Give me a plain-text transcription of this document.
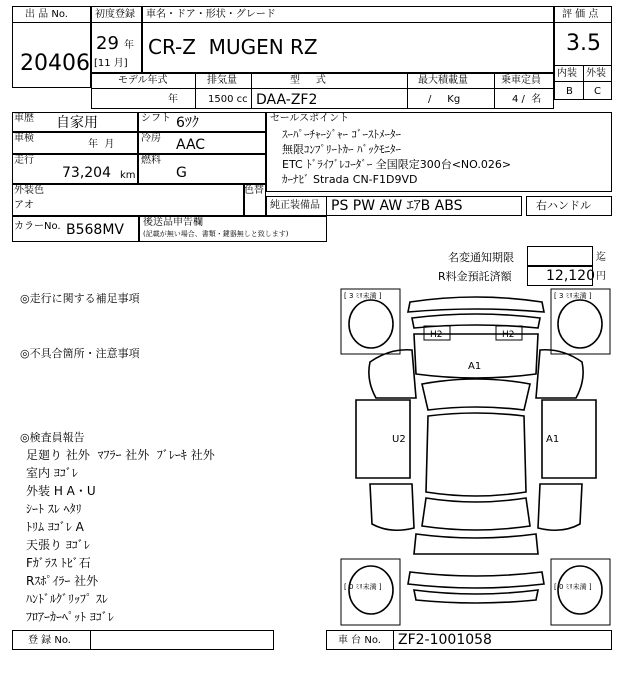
出 品 No.
20406
初度登録
29 年
[11 月]
車名・ドア・形状・グレード
CR-Z  MUGEN RZ
評 価 点
3.5
内装 外装
B C
モデル年式	排気量	型     式	最大積載量	乗車定員
年	1500 cc DAA-ZF2	/     Kg	4 /  名
車歴 自家用
車検
年  月
走行
73,204 km
シフト 6ﾂｸ
冷房 AAC
燃料
G
外装色
アオ
色替
カラーNo. B568MV 後送品申告欄
(記載が無い場合、書類・鍵器無しと致します)
セールスポイント
ｽｰﾊﾟｰﾁｬｰｼﾞｬｰ ｺﾞｰｽﾄﾒｰﾀｰ
無限ｺﾝﾌﾟﾘｰﾄｶｰ ﾊﾞｯｸﾓﾆﾀｰ
ETC ﾄﾞﾗｲﾌﾞﾚｺｰﾀﾞｰ 全国限定300台<NO.026>
ｶｰﾅﾋﾞ Strada CN-F1D9VD
純正装備品 PS PW AW ｴｱB ABS	右ハンドル
名変通知期限	迄
R料金預託済額 12,120 円
◎走行に関する補足事項
◎不具合箇所・注意事項
◎検査員報告
足廻り 社外  ﾏﾌﾗｰ 社外  ﾌﾞﾚｰｷ 社外
室内 ﾖｺﾞﾚ
外装 H A・U
ｼｰﾄ ｽﾚ ﾍﾀﾘ
ﾄﾘﾑ ﾖｺﾞﾚ A
天張り ﾖｺﾞﾚ
Fｶﾞﾗｽ ﾄﾋﾞ石
Rｽﾎﾟｲﾗｰ 社外
ﾊﾝﾄﾞﾙｸﾞﾘｯﾌﾟ ｽﾚ
ﾌﾛｱｰｶｰﾍﾟｯﾄ ﾖｺﾞﾚ
[ 3 ﾐﾘ未満 ]	[ 3 ﾐﾘ未満 ]
[ 0 ﾐﾘ未満 ]	[ 0 ﾐﾘ未満 ]
H2	H2
A1
U2	A1
登 録 No.	車 台 No. ZF2-1001058
